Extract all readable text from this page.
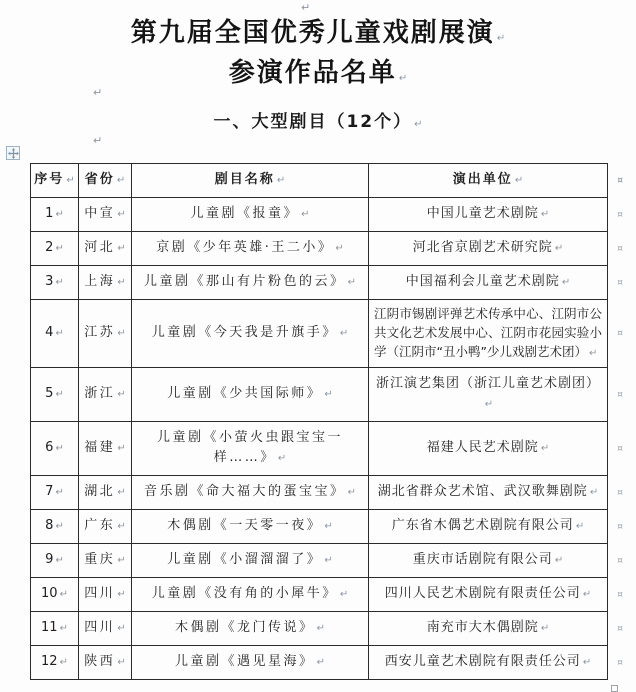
↵
第九届全国优秀儿童戏剧展演 ↵
参演作品名单 ↵
↵
一、大型剧目（12个） ↵
↵
序号 ↵	省份 ↵	剧目名称 ↵	演出单位 ↵ ¤

1 ↵	中宣 ↵	儿童剧《报童》 ↵	中国儿童艺术剧院 ↵ ¤

2 ↵	河北 ↵	京剧《少年英雄·王二小》 ↵	河北省京剧艺术研究院 ↵ ¤

3 ↵	上海 ↵	儿童剧《那山有片粉色的云》 ↵	中国福利会儿童艺术剧院 ↵ ¤

4 ↵	江苏 ↵	儿童剧《今天我是升旗手》 ↵	江阴市锡剧评弹艺术传承中心、江阴市公共文化艺术发展中心、江阴市花园实验小学（江阴市“丑小鸭”少儿戏剧艺术团） ↵
¤

5 ↵	浙江 ↵	儿童剧《少共国际师》 ↵	浙江演艺集团（浙江儿童艺术剧团）↵
¤

6 ↵	福建 ↵	儿童剧《小萤火虫跟宝宝一样……》 ↵	福建人民艺术剧院 ↵ ¤

7 ↵	湖北 ↵	音乐剧《命大福大的蛋宝宝》 ↵	湖北省群众艺术馆、武汉歌舞剧院 ↵ ¤

8 ↵	广东 ↵	木偶剧《一天零一夜》 ↵	广东省木偶艺术剧院有限公司 ↵ ¤

9 ↵	重庆 ↵	儿童剧《小溜溜溜了》 ↵	重庆市话剧院有限公司 ↵ ¤

10 ↵	四川 ↵	儿童剧《没有角的小犀牛》 ↵	四川人民艺术剧院有限责任公司 ↵ ¤

11 ↵	四川 ↵	木偶剧《龙门传说》 ↵	南充市大木偶剧院 ↵ ¤

12 ↵	陕西 ↵	儿童剧《遇见星海》 ↵	西安儿童艺术剧院有限责任公司 ↵ ¤
